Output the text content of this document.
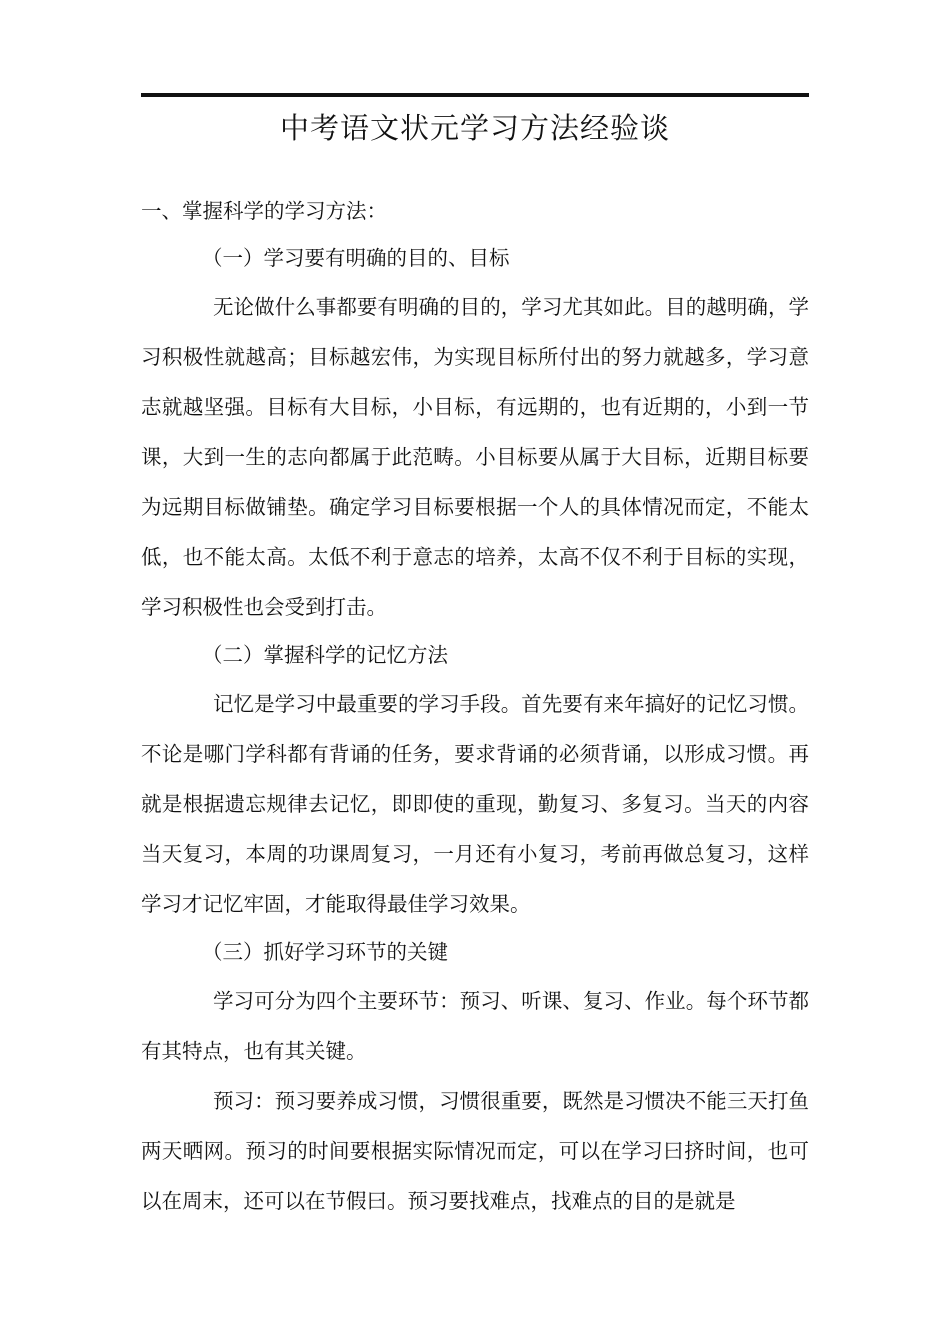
中考语文状元学习方法经验谈

一、掌握科学的学习方法：

（一）学习要有明确的目的、目标

无论做什么事都要有明确的目的，学习尤其如此。目的越明确，学习积极性就越高；目标越宏伟，为实现目标所付出的努力就越多，学习意志就越坚强。目标有大目标，小目标，有远期的，也有近期的，小到一节课，大到一生的志向都属于此范畴。小目标要从属于大目标，近期目标要为远期目标做铺垫。确定学习目标要根据一个人的具体情况而定，不能太低，也不能太高。太低不利于意志的培养，太高不仅不利于目标的实现，学习积极性也会受到打击。

（二）掌握科学的记忆方法

记忆是学习中最重要的学习手段。首先要有来年搞好的记忆习惯。不论是哪门学科都有背诵的任务，要求背诵的必须背诵，以形成习惯。再就是根据遗忘规律去记忆，即即使的重现，勤复习、多复习。当天的内容当天复习，本周的功课周复习，一月还有小复习，考前再做总复习，这样学习才记忆牢固，才能取得最佳学习效果。

（三）抓好学习环节的关键

学习可分为四个主要环节：预习、听课、复习、作业。每个环节都有其特点，也有其关键。

预习：预习要养成习惯，习惯很重要，既然是习惯决不能三天打鱼两天晒网。预习的时间要根据实际情况而定，可以在学习曰挤时间，也可以在周末，还可以在节假曰。预习要找难点，找难点的目的是就是
